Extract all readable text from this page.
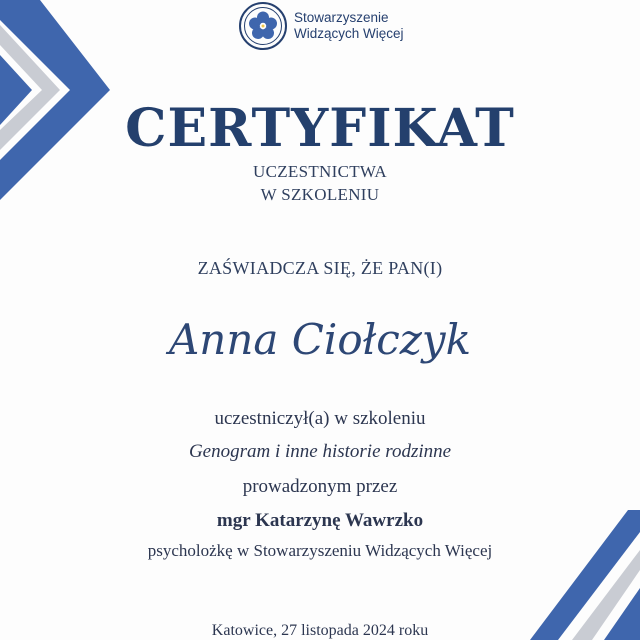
Stowarzyszenie
Widzących Więcej
CERTYFIKAT
UCZESTNICTWA
W SZKOLENIU
ZAŚWIADCZA SIĘ, ŻE PAN(I)
Anna Ciołczyk
uczestniczył(a) w szkoleniu
Genogram i inne historie rodzinne
prowadzonym przez
mgr Katarzynę Wawrzko
psycholożkę w Stowarzyszeniu Widzących Więcej
Katowice, 27 listopada 2024 roku
